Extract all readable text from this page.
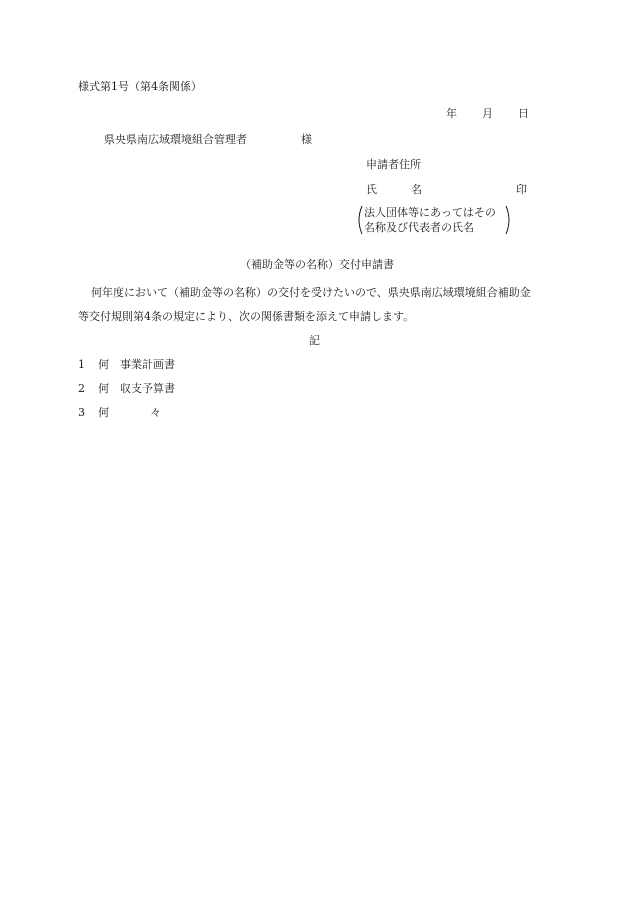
様式第1号（第4条関係）
年 月 日
県央県南広域環境組合管理者	様
申請者住所
氏	名	印
法人団体等にあってはその
名称及び代表者の氏名
（補助金等の名称）交付申請書
何年度において（補助金等の名称）の交付を受けたいので、県央県南広域環境組合補助金
等交付規則第4条の規定により、次の関係書類を添えて申請します。
記
1 何 事業計画書
2 何 収支予算書
3 何	々
